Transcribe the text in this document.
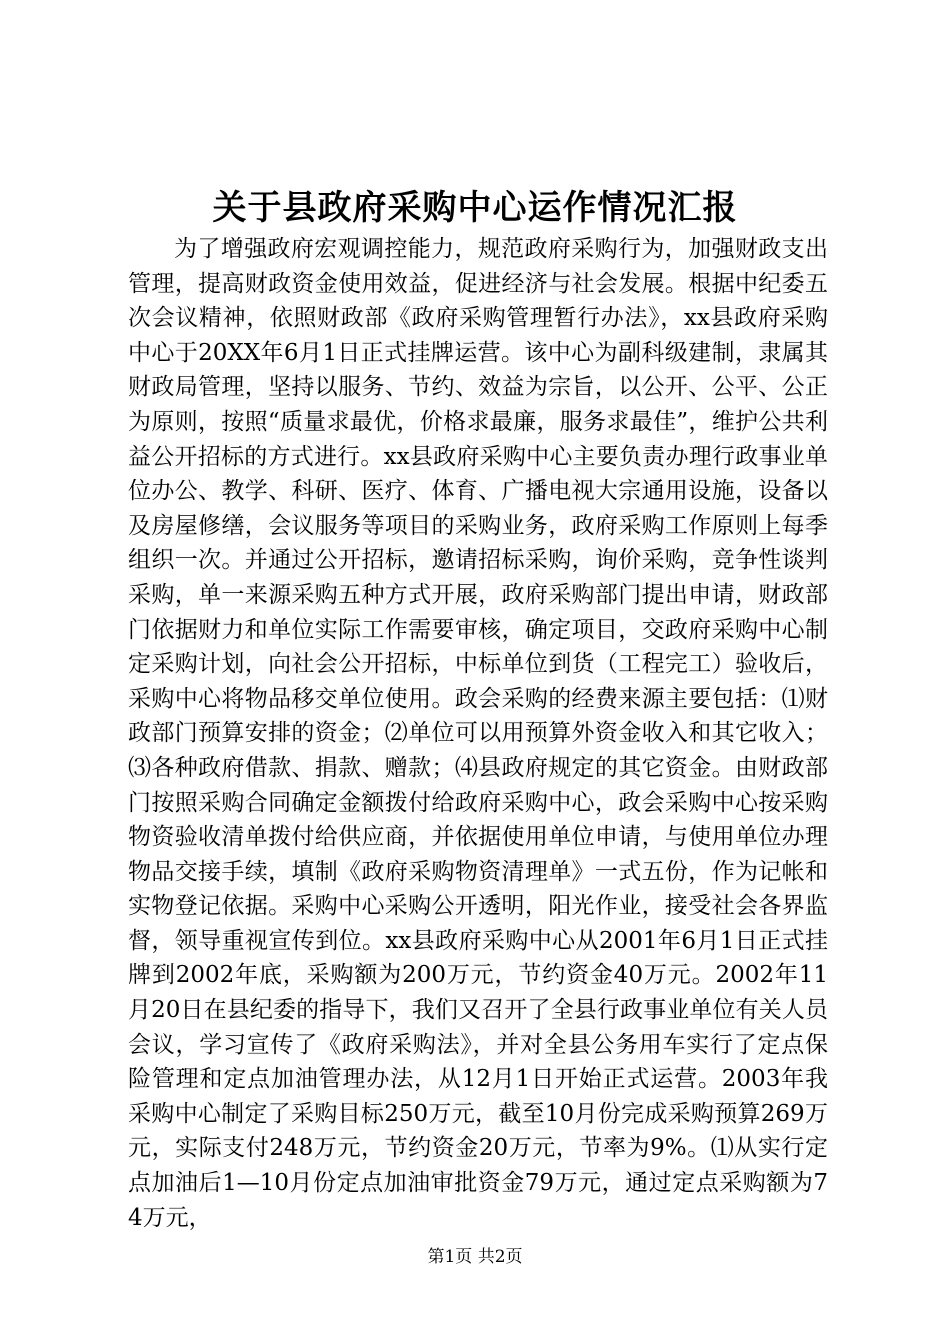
关于县政府采购中心运作情况汇报

为了增强政府宏观调控能力，规范政府采购行为，加强财政支出管理，提高财政资金使用效益，促进经济与社会发展。根据中纪委五次会议精神，依照财政部《政府采购管理暂行办法》，xx县政府采购中心于20XX年6月1日正式挂牌运营。该中心为副科级建制，隶属其财政局管理，坚持以服务、节约、效益为宗旨，以公开、公平、公正为原则，按照“质量求最优，价格求最廉，服务求最佳”，维护公共利益公开招标的方式进行。xx县政府采购中心主要负责办理行政事业单位办公、教学、科研、医疗、体育、广播电视大宗通用设施，设备以及房屋修缮，会议服务等项目的采购业务，政府采购工作原则上每季组织一次。并通过公开招标，邀请招标采购，询价采购，竞争性谈判采购，单一来源采购五种方式开展，政府采购部门提出申请，财政部门依据财力和单位实际工作需要审核，确定项目，交政府采购中心制定采购计划，向社会公开招标，中标单位到货（工程完工）验收后，采购中心将物品移交单位使用。政会采购的经费来源主要包括：⑴财政部门预算安排的资金；⑵单位可以用预算外资金收入和其它收入；⑶各种政府借款、捐款、赠款；⑷县政府规定的其它资金。由财政部门按照采购合同确定金额拨付给政府采购中心，政会采购中心按采购物资验收清单拨付给供应商，并依据使用单位申请，与使用单位办理物品交接手续，填制《政府采购物资清理单》一式五份，作为记帐和实物登记依据。采购中心采购公开透明，阳光作业，接受社会各界监督，领导重视宣传到位。xx县政府采购中心从2001年6月1日正式挂牌到2002年底，采购额为200万元，节约资金40万元。2002年11月20日在县纪委的指导下，我们又召开了全县行政事业单位有关人员会议，学习宣传了《政府采购法》，并对全县公务用车实行了定点保险管理和定点加油管理办法，从12月1日开始正式运营。2003年我采购中心制定了采购目标250万元，截至10月份完成采购预算269万元，实际支付248万元，节约资金20万元，节率为9%。⑴从实行定点加油后1—10月份定点加油审批资金79万元，通过定点采购额为74万元，

第1页 共2页
